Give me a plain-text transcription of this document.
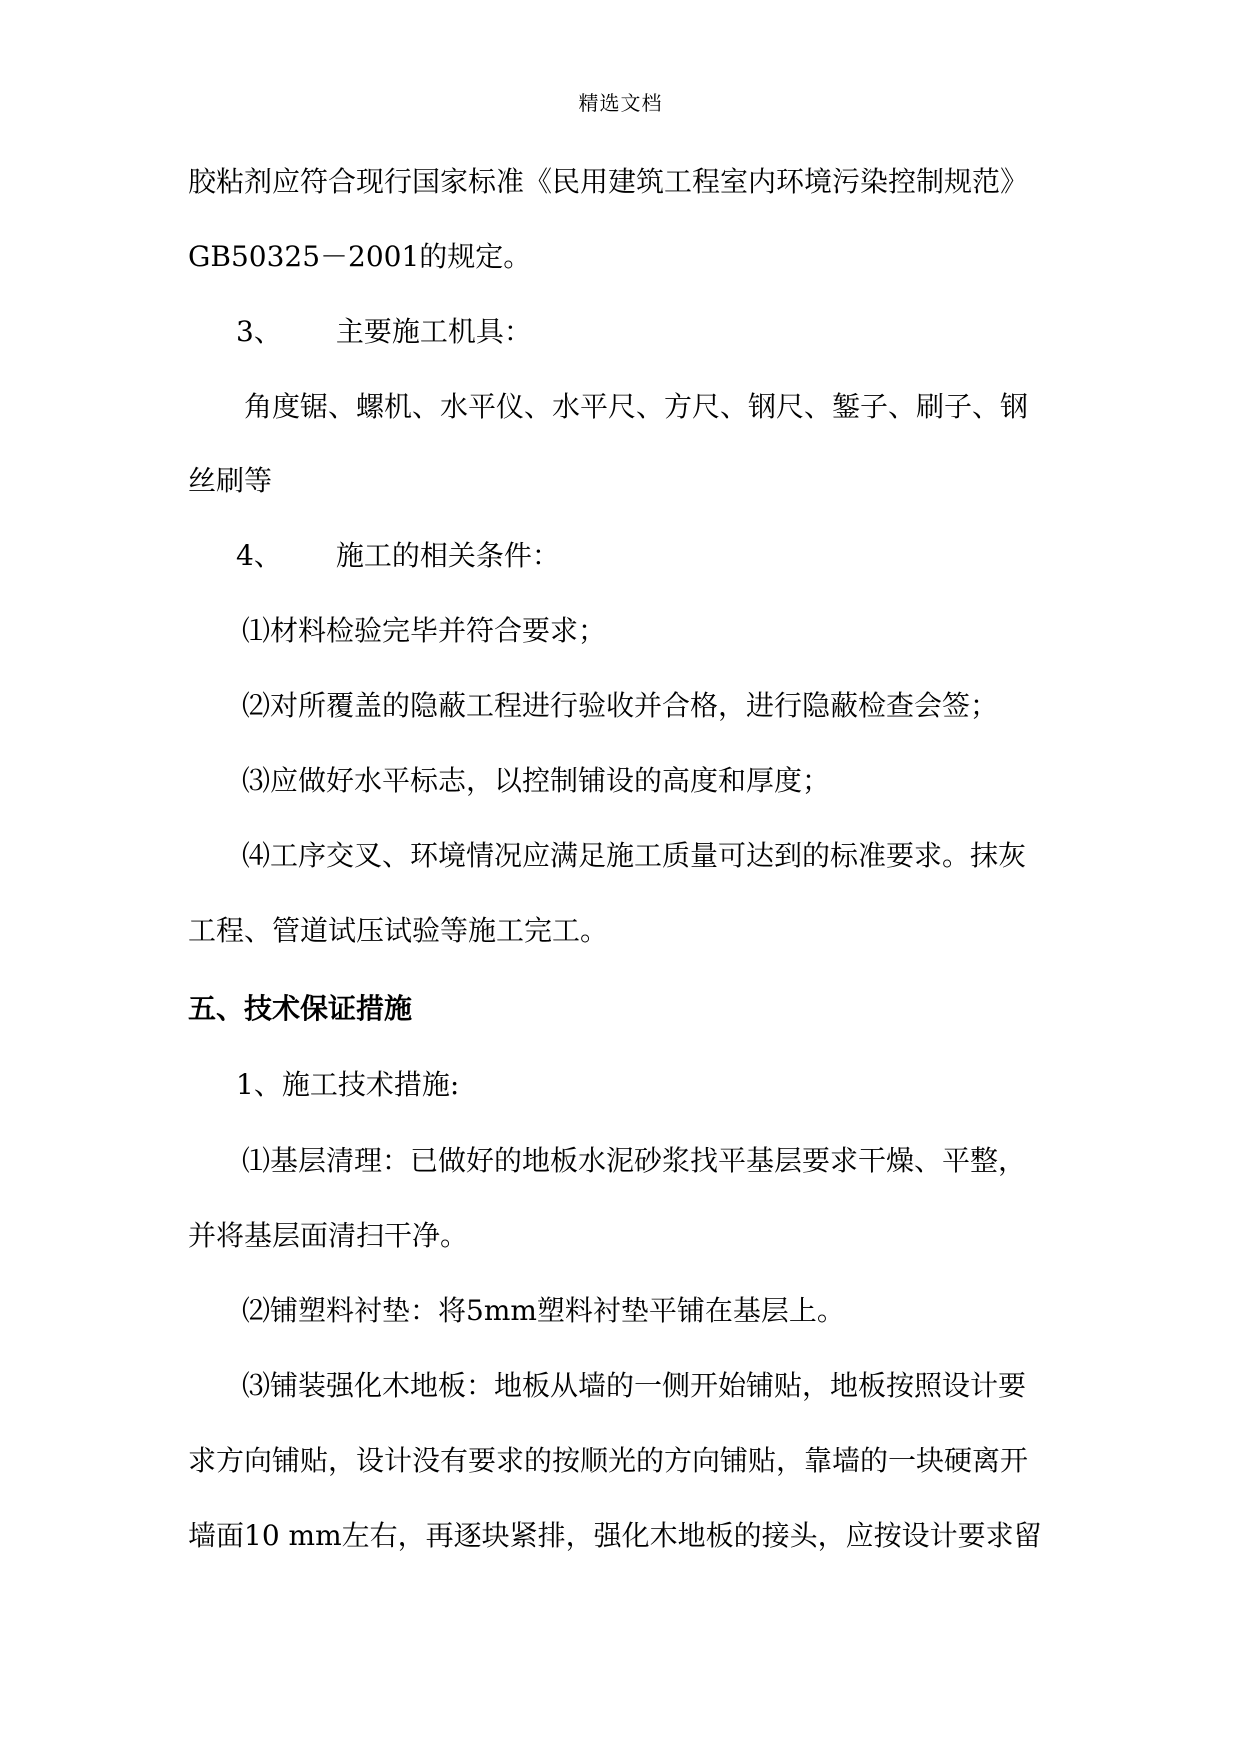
精选文档
胶粘剂应符合现行国家标准《民用建筑工程室内环境污染控制规范》
GB50325－2001的规定。
3、 主要施工机具：
角度锯、螺机、水平仪、水平尺、方尺、钢尺、錾子、刷子、钢
丝刷等
4、 施工的相关条件：
⑴材料检验完毕并符合要求；
⑵对所覆盖的隐蔽工程进行验收并合格，进行隐蔽检查会签；
⑶应做好水平标志，以控制铺设的高度和厚度；
⑷工序交叉、环境情况应满足施工质量可达到的标准要求。抹灰
工程、管道试压试验等施工完工。
五、技术保证措施
1、施工技术措施:
⑴基层清理：已做好的地板水泥砂浆找平基层要求干燥、平整，
并将基层面清扫干净。
⑵铺塑料衬垫：将5mm塑料衬垫平铺在基层上。
⑶铺装强化木地板：地板从墙的一侧开始铺贴，地板按照设计要
求方向铺贴，设计没有要求的按顺光的方向铺贴，靠墙的一块硬离开
墙面10 mm左右，再逐块紧排，强化木地板的接头，应按设计要求留
